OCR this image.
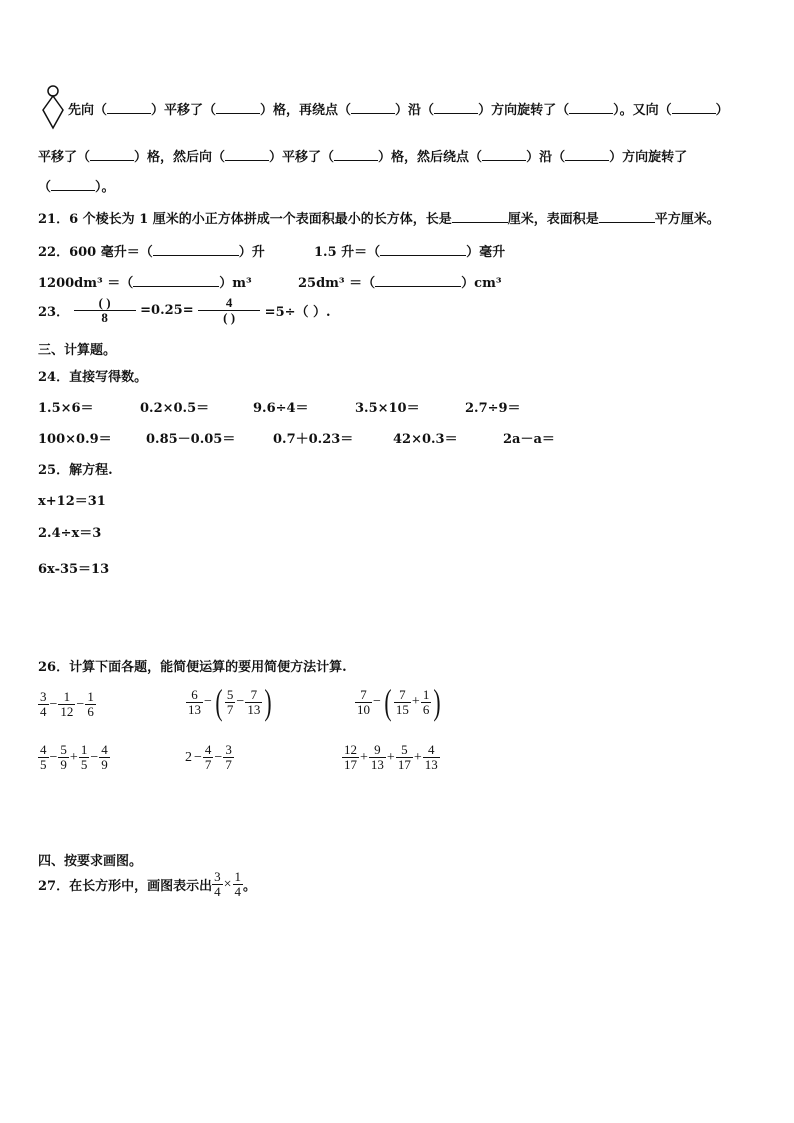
先向（	）平移了（	）格，再绕点（	）沿（	）方向旋转了（	）。又向（	）
平移了（	）格，然后向（	）平移了（	）格，然后绕点（	）沿（	）方向旋转了
（	）。
21．6 个棱长为 1 厘米的小正方体拼成一个表面积最小的长方体，长是	厘米，表面积是	平方厘米。
22．600 毫升＝（	）升	1.5 升＝（	）毫升
1200dm³ ＝（	）m³	25dm³ ＝（	）cm³
23． $\frac{( )}{8} =0.25= \frac{4}{( )} =5\div$（ ）.
三、计算题。
24．直接写得数。
1.5×6＝	0.2×0.5＝	9.6÷4＝	3.5×10＝	2.7÷9＝
100×0.9＝	0.85－0.05＝	0.7＋0.23＝	42×0.3＝	2a－a＝
25．解方程.
x+12＝31
2.4÷x＝3
6x-35＝13
26．计算下面各题，能简便运算的要用简便方法计算.
$\frac{3}{4} - \frac{1}{12} - \frac{1}{6}$	$\frac{6}{13}$ −( $\frac{5}{7} - \frac{7}{13}$ )	$\frac{7}{10}$ −( $\frac{7}{15} + \frac{1}{6}$ )
$\frac{4}{5} - \frac{5}{9} + \frac{1}{5} - \frac{4}{9}$	$2 - \frac{4}{7} - \frac{3}{7}$	$\frac{12}{17} + \frac{9}{13} + \frac{5}{17} + \frac{4}{13}$
四、按要求画图。
27．在长方形中，画图表示出 $\frac{3}{4} \times \frac{1}{4}$ 。
